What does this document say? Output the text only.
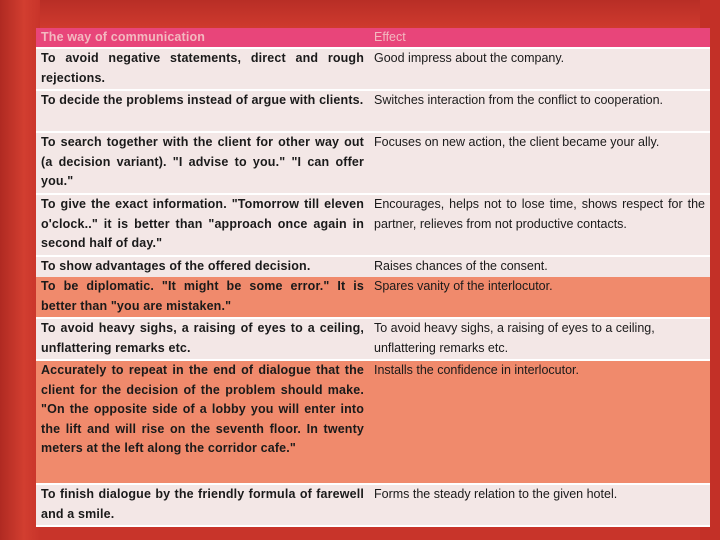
The way of communication	Effect
To avoid negative statements, direct and rough rejections.	Good impress about the company.
To decide the problems instead of argue with clients.	Switches interaction from the conflict to cooperation.
To search together with the client for other way out (a decision variant). "I advise to you." "I can offer you."	Focuses on new action, the client became your ally.
To give the exact information. "Tomorrow till eleven o'clock.." it is better than "approach once again in second half of day."	Encourages, helps not to lose time, shows respect for the partner, relieves from not productive contacts.
To show advantages of the offered decision.	Raises chances of the consent.
To be diplomatic. "It might be some error." It is better than "you are mistaken."	Spares vanity of the interlocutor.
To avoid heavy sighs, a raising of eyes to a ceiling, unflattering remarks etc.	To avoid heavy sighs, a raising of eyes to a ceiling, unflattering remarks etc.
Accurately to repeat in the end of dialogue that the client for the decision of the problem should make. "On the opposite side of a lobby you will enter into the lift and will rise on the seventh floor. In twenty meters at the left along the corridor cafe."	Installs the confidence in interlocutor.
To finish dialogue by the friendly formula of farewell and a smile.	Forms the steady relation to the given hotel.
